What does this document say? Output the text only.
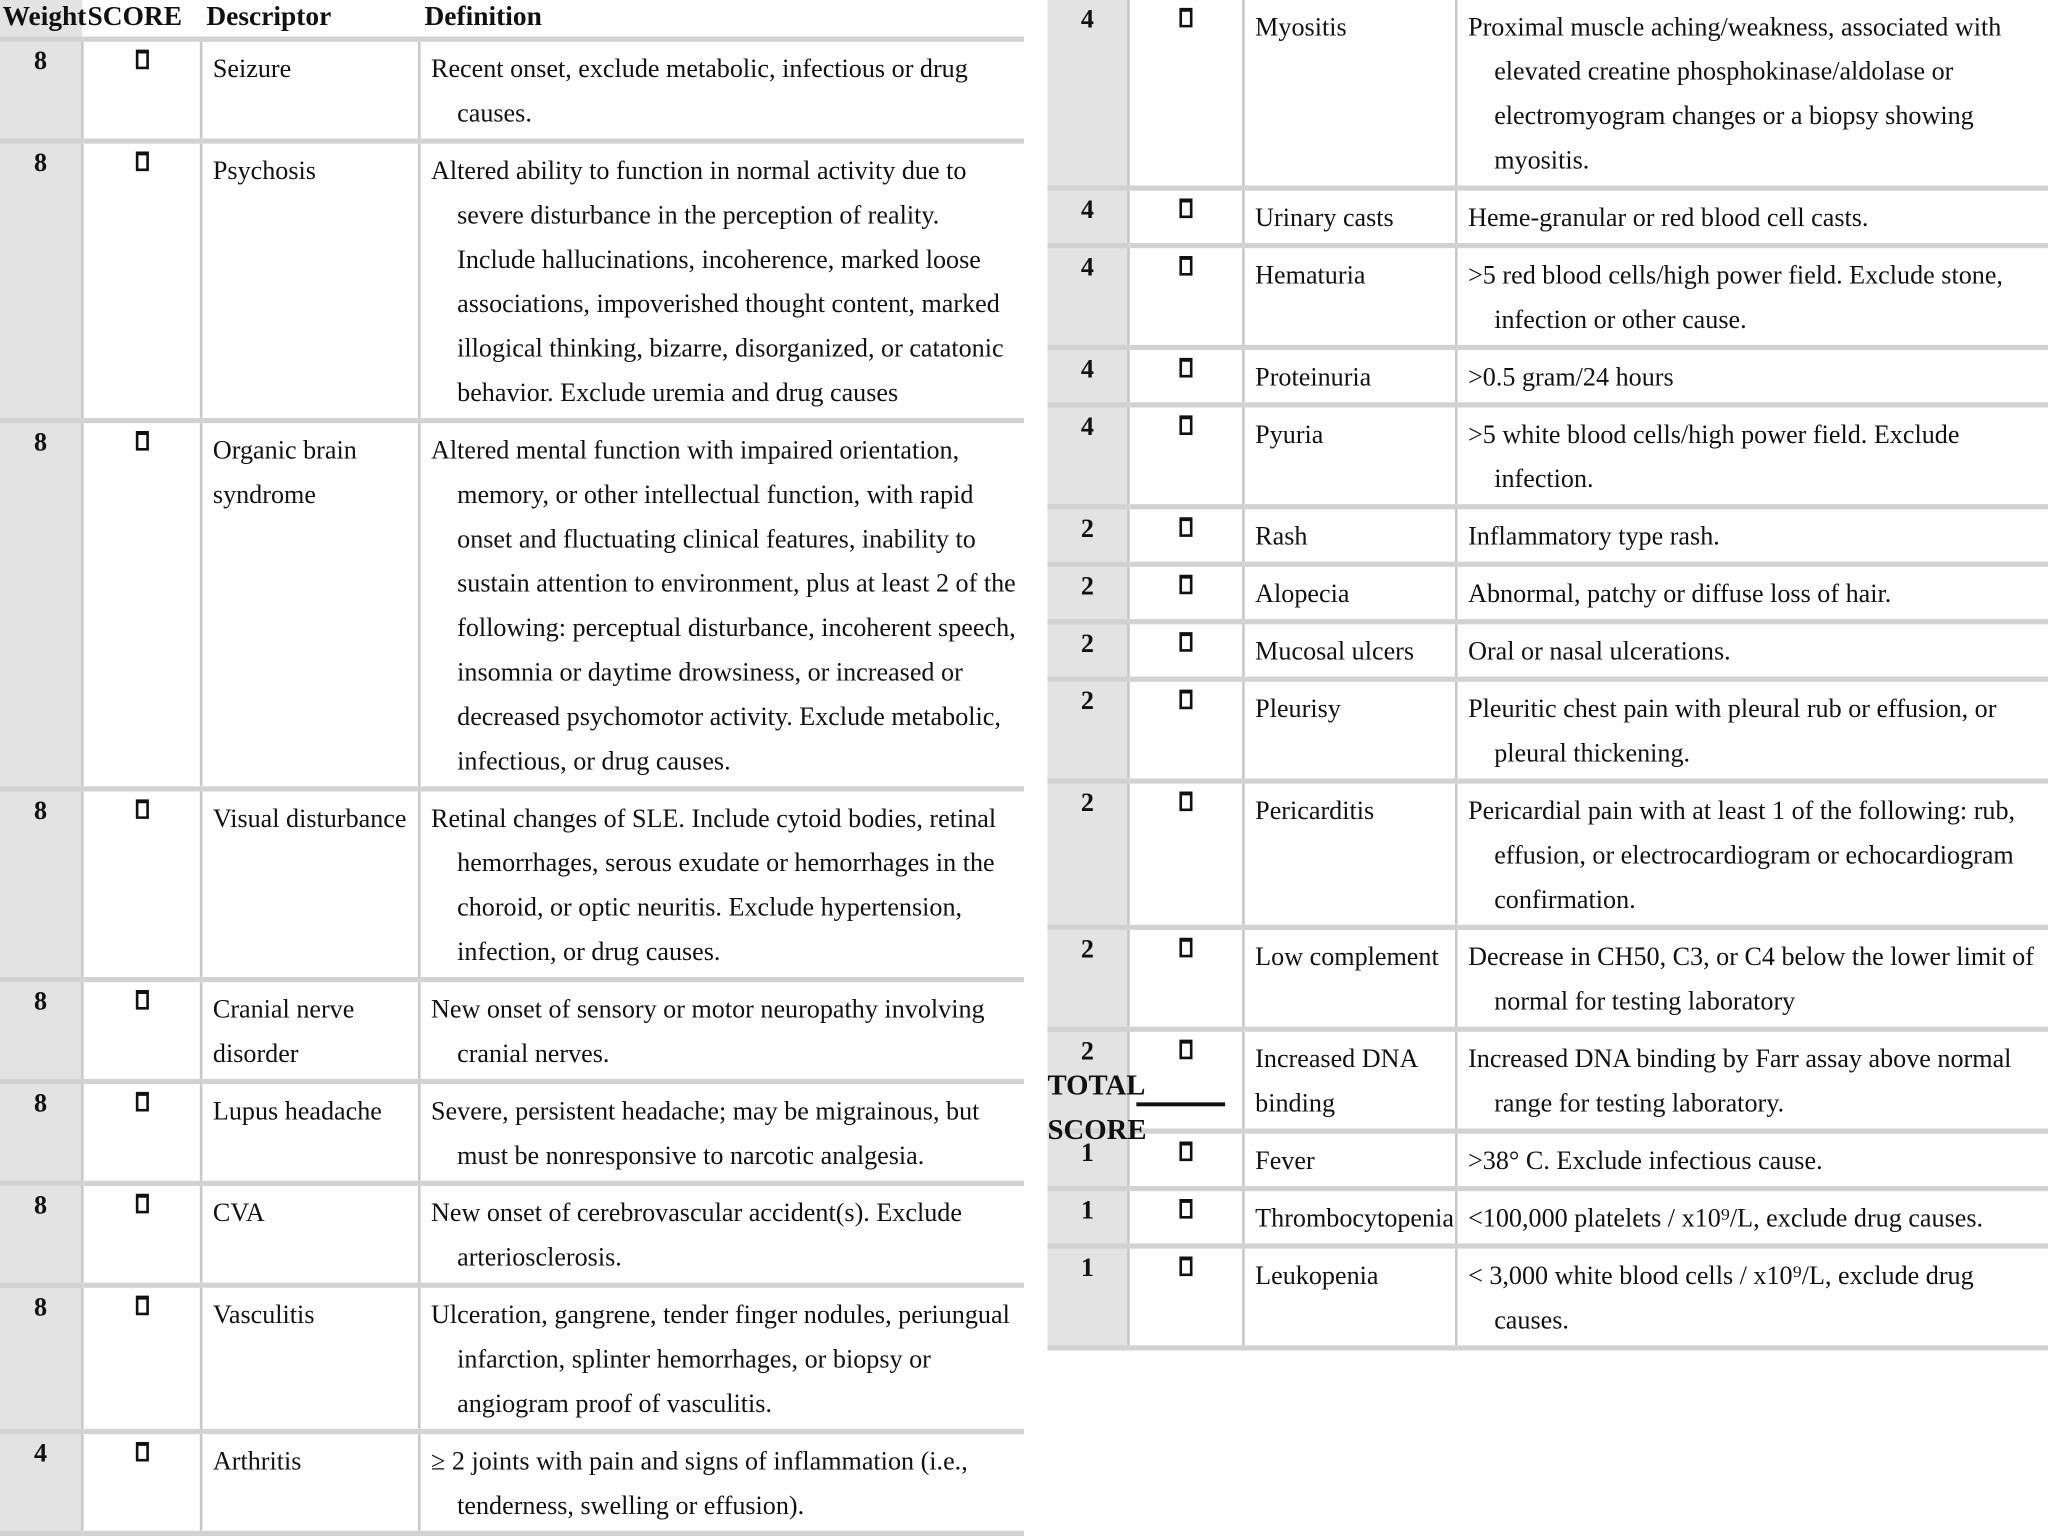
Weight	SCORE	Descriptor	Definition
8		Seizure	Recent onset, exclude metabolic, infectious or drug causes.

8		Psychosis	Altered ability to function in normal activity due to severe disturbance in the perception of reality. Include hallucinations, incoherence, marked loose associations, impoverished thought content, marked illogical thinking, bizarre, disorganized, or catatonic behavior. Exclude uremia and drug causes

8		Organic brain syndrome	Altered mental function with impaired orientation, memory, or other intellectual function, with rapid onset and fluctuating clinical features, inability to sustain attention to environment, plus at least 2 of the following: perceptual disturbance, incoherent speech, insomnia or daytime drowsiness, or increased or decreased psychomotor activity. Exclude metabolic, infectious, or drug causes.

8		Visual disturbance	Retinal changes of SLE. Include cytoid bodies, retinal hemorrhages, serous exudate or hemorrhages in the choroid, or optic neuritis. Exclude hypertension, infection, or drug causes.

8		Cranial nerve disorder	New onset of sensory or motor neuropathy involving cranial nerves.

8		Lupus headache	Severe, persistent headache; may be migrainous, but must be nonresponsive to narcotic analgesia.

8		CVA	New onset of cerebrovascular accident(s). Exclude arteriosclerosis.

8		Vasculitis	Ulceration, gangrene, tender finger nodules, periungual infarction, splinter hemorrhages, or biopsy or angiogram proof of vasculitis.

4		Arthritis	≥ 2 joints with pain and signs of inflammation (i.e., tenderness, swelling or effusion).
4		Myositis	Proximal muscle aching/weakness, associated with elevated creatine phosphokinase/aldolase or electromyogram changes or a biopsy showing myositis.

4		Urinary casts	Heme-granular or red blood cell casts.

4		Hematuria	>5 red blood cells/high power field. Exclude stone, infection or other cause.

4		Proteinuria	>0.5 gram/24 hours

4		Pyuria	>5 white blood cells/high power field. Exclude infection.

2		Rash	Inflammatory type rash.

2		Alopecia	Abnormal, patchy or diffuse loss of hair.

2		Mucosal ulcers	Oral or nasal ulcerations.

2		Pleurisy	Pleuritic chest pain with pleural rub or effusion, or pleural thickening.

2		Pericarditis	Pericardial pain with at least 1 of the following: rub, effusion, or electrocardiogram or echocardiogram confirmation.

2		Low complement	Decrease in CH50, C3, or C4 below the lower limit of normal for testing laboratory

2		Increased DNA binding	Increased DNA binding by Farr assay above normal range for testing laboratory.

1		Fever	>38° C. Exclude infectious cause.

1		Thrombocytopenia	<100,000 platelets / x10⁹/L, exclude drug causes.

1		Leukopenia	< 3,000 white blood cells / x10⁹/L, exclude drug causes.
TOTAL SCORE
